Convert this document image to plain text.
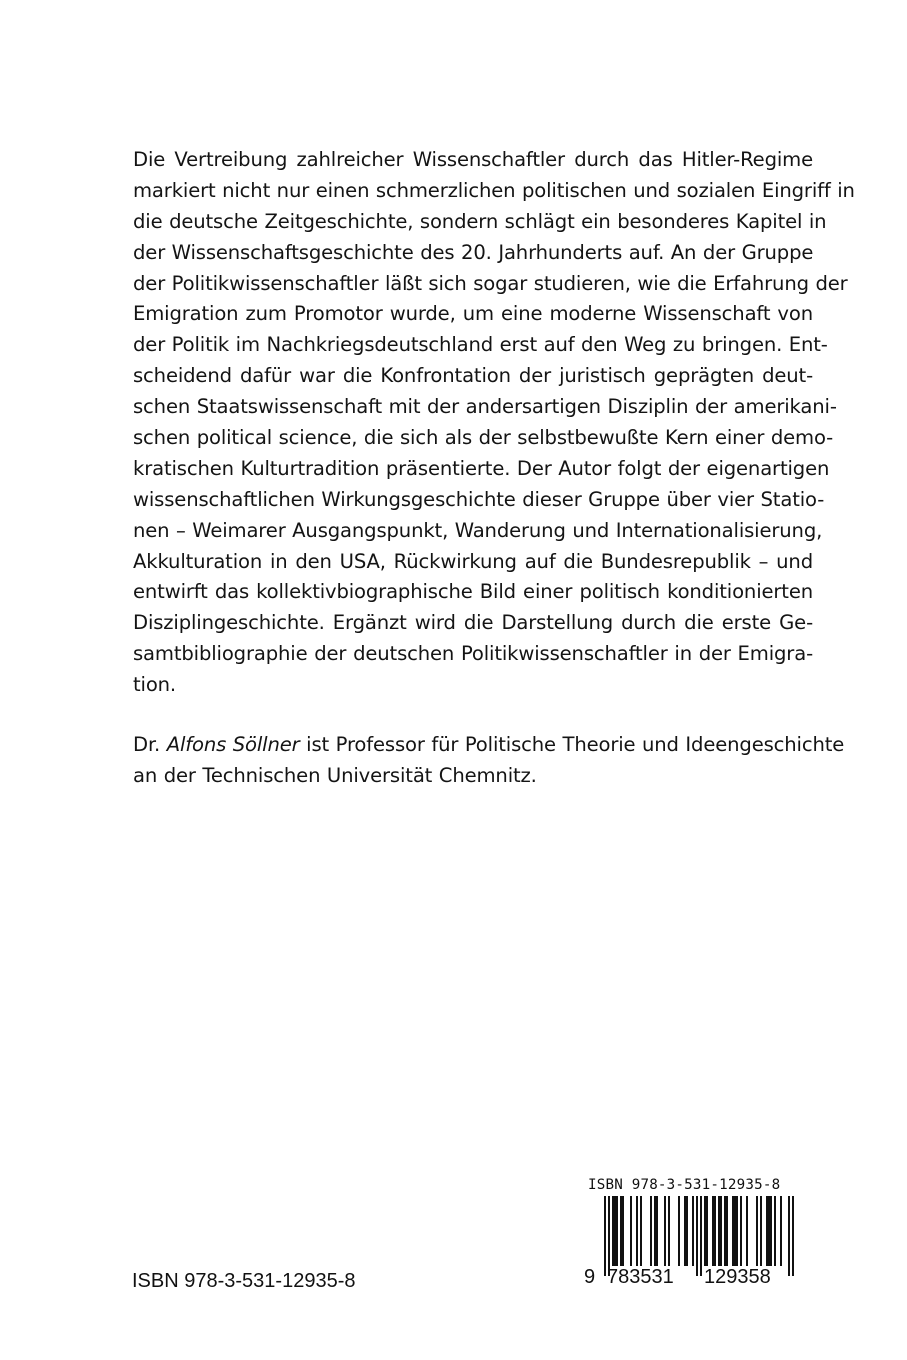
Die Vertreibung zahlreicher Wissenschaftler durch das Hitler-Regime
markiert nicht nur einen schmerzlichen politischen und sozialen Eingriff in
die deutsche Zeitgeschichte, sondern schlägt ein besonderes Kapitel in
der Wissenschaftsgeschichte des 20. Jahrhunderts auf. An der Gruppe
der Politikwissenschaftler läßt sich sogar studieren, wie die Erfahrung der
Emigration zum Promotor wurde, um eine moderne Wissenschaft von
der Politik im Nachkriegsdeutschland erst auf den Weg zu bringen. Ent-
scheidend dafür war die Konfrontation der juristisch geprägten deut-
schen Staatswissenschaft mit der andersartigen Disziplin der amerikani-
schen political science, die sich als der selbstbewußte Kern einer demo-
kratischen Kulturtradition präsentierte. Der Autor folgt der eigenartigen
wissenschaftlichen Wirkungsgeschichte dieser Gruppe über vier Statio-
nen – Weimarer Ausgangspunkt, Wanderung und Internationalisierung,
Akkulturation in den USA, Rückwirkung auf die Bundesrepublik – und
entwirft das kollektivbiographische Bild einer politisch konditionierten
Disziplingeschichte. Ergänzt wird die Darstellung durch die erste Ge-
samtbibliographie der deutschen Politikwissenschaftler in der Emigra-
tion.
Dr. Alfons Söllner ist Professor für Politische Theorie und Ideengeschichte
an der Technischen Universität Chemnitz.
ISBN 978-3-531-12935-8
ISBN 978-3-531-12935-8
9 783531 129358
